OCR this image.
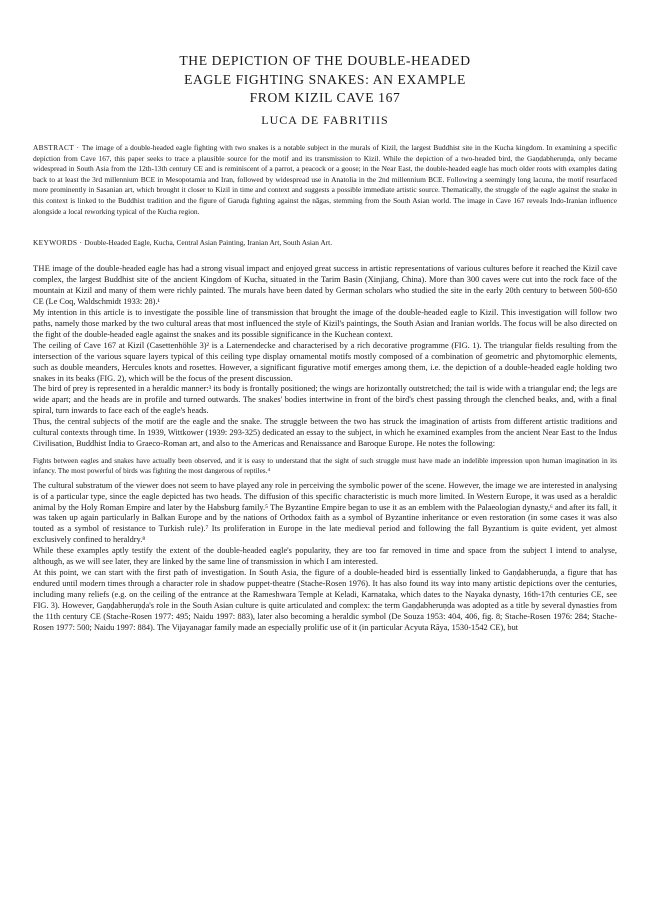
THE DEPICTION OF THE DOUBLE-HEADED
EAGLE FIGHTING SNAKES: AN EXAMPLE
FROM KIZIL CAVE 167
LUCA DE FABRITIIS

ABSTRACT · The image of a double-headed eagle fighting with two snakes is a notable subject in the murals of Kizil, the largest Buddhist site in the Kucha kingdom. In examining a specific depiction from Cave 167, this paper seeks to trace a plausible source for the motif and its transmission to Kizil. While the depiction of a two-headed bird, the Gaṇḍabheruṇḍa, only became widespread in South Asia from the 12th-13th century CE and is reminiscent of a parrot, a peacock or a goose; in the Near East, the double-headed eagle has much older roots with examples dating back to at least the 3rd millennium BCE in Mesopotamia and Iran, followed by widespread use in Anatolia in the 2nd millennium BCE. Following a seemingly long lacuna, the motif resurfaced more prominently in Sasanian art, which brought it closer to Kizil in time and context and suggests a possible immediate artistic source. Thematically, the struggle of the eagle against the snake in this context is linked to the Buddhist tradition and the figure of Garuḍa fighting against the nāgas, stemming from the South Asian world. The image in Cave 167 reveals Indo-Iranian influence alongside a local reworking typical of the Kucha region.

KEYWORDS · Double-Headed Eagle, Kucha, Central Asian Painting, Iranian Art, South Asian Art.

THE image of the double-headed eagle has had a strong visual impact and enjoyed great success in artistic representations of various cultures before it reached the Kizil cave complex, the largest Buddhist site of the ancient Kingdom of Kucha, situated in the Tarim Basin (Xinjiang, China). More than 300 caves were cut into the rock face of the mountain at Kizil and many of them were richly painted. The murals have been dated by German scholars who studied the site in the early 20th century to between 500-650 CE (Le Coq, Waldschmidt 1933: 28).¹

My intention in this article is to investigate the possible line of transmission that brought the image of the double-headed eagle to Kizil. This investigation will follow two paths, namely those marked by the two cultural areas that most influenced the style of Kizil's paintings, the South Asian and Iranian worlds. The focus will be also directed on the fight of the double-headed eagle against the snakes and its possible significance in the Kuchean context.

The ceiling of Cave 167 at Kizil (Casettenhöhle 3)² is a Laternendecke and characterised by a rich decorative programme (FIG. 1). The triangular fields resulting from the intersection of the various square layers typical of this ceiling type display ornamental motifs mostly composed of a combination of geometric and phytomorphic elements, such as double meanders, Hercules knots and rosettes. However, a significant figurative motif emerges among them, i.e. the depiction of a double-headed eagle holding two snakes in its beaks (FIG. 2), which will be the focus of the present discussion.

The bird of prey is represented in a heraldic manner:³ its body is frontally positioned; the wings are horizontally outstretched; the tail is wide with a triangular end; the legs are wide apart; and the heads are in profile and turned outwards. The snakes' bodies intertwine in front of the bird's chest passing through the clenched beaks, and, with a final spiral, turn inwards to face each of the eagle's heads.

Thus, the central subjects of the motif are the eagle and the snake. The struggle between the two has struck the imagination of artists from different artistic traditions and cultural contexts through time. In 1939, Wittkower (1939: 293-325) dedicated an essay to the subject, in which he examined examples from the ancient Near East to the Indus Civilisation, Buddhist India to Graeco-Roman art, and also to the Americas and Renaissance and Baroque Europe. He notes the following:

Fights between eagles and snakes have actually been observed, and it is easy to understand that the sight of such struggle must have made an indelible impression upon human imagination in its infancy. The most powerful of birds was fighting the most dangerous of reptiles.⁴

The cultural substratum of the viewer does not seem to have played any role in perceiving the symbolic power of the scene. However, the image we are interested in analysing is of a particular type, since the eagle depicted has two heads. The diffusion of this specific characteristic is much more limited. In Western Europe, it was used as a heraldic animal by the Holy Roman Empire and later by the Habsburg family.⁵ The Byzantine Empire began to use it as an emblem with the Palaeologian dynasty,⁶ and after its fall, it was taken up again particularly in Balkan Europe and by the nations of Orthodox faith as a symbol of Byzantine inheritance or even restoration (in some cases it was also touted as a symbol of resistance to Turkish rule).⁷ Its proliferation in Europe in the late medieval period and following the fall Byzantium is quite evident, yet almost exclusively confined to heraldry.⁸

While these examples aptly testify the extent of the double-headed eagle's popularity, they are too far removed in time and space from the subject I intend to analyse, although, as we will see later, they are linked by the same line of transmission in which I am interested.

At this point, we can start with the first path of investigation. In South Asia, the figure of a double-headed bird is essentially linked to Gaṇḍabheruṇḍa, a figure that has endured until modern times through a character role in shadow puppet-theatre (Stache-Rosen 1976). It has also found its way into many artistic depictions over the centuries, including many reliefs (e.g. on the ceiling of the entrance at the Rameshwara Temple at Keladi, Karnataka, which dates to the Nayaka dynasty, 16th-17th centuries CE, see FIG. 3). However, Gaṇḍabheruṇḍa's role in the South Asian culture is quite articulated and complex: the term Gaṇḍabheruṇḍa was adopted as a title by several dynasties from the 11th century CE (Stache-Rosen 1977: 495; Naidu 1997: 883), later also becoming a heraldic symbol (De Souza 1953: 404, 406, fig. 8; Stache-Rosen 1976: 284; Stache-Rosen 1977: 500; Naidu 1997: 884). The Vijayanagar family made an especially prolific use of it (in particular Acyuta Rāya, 1530-1542 CE), but
